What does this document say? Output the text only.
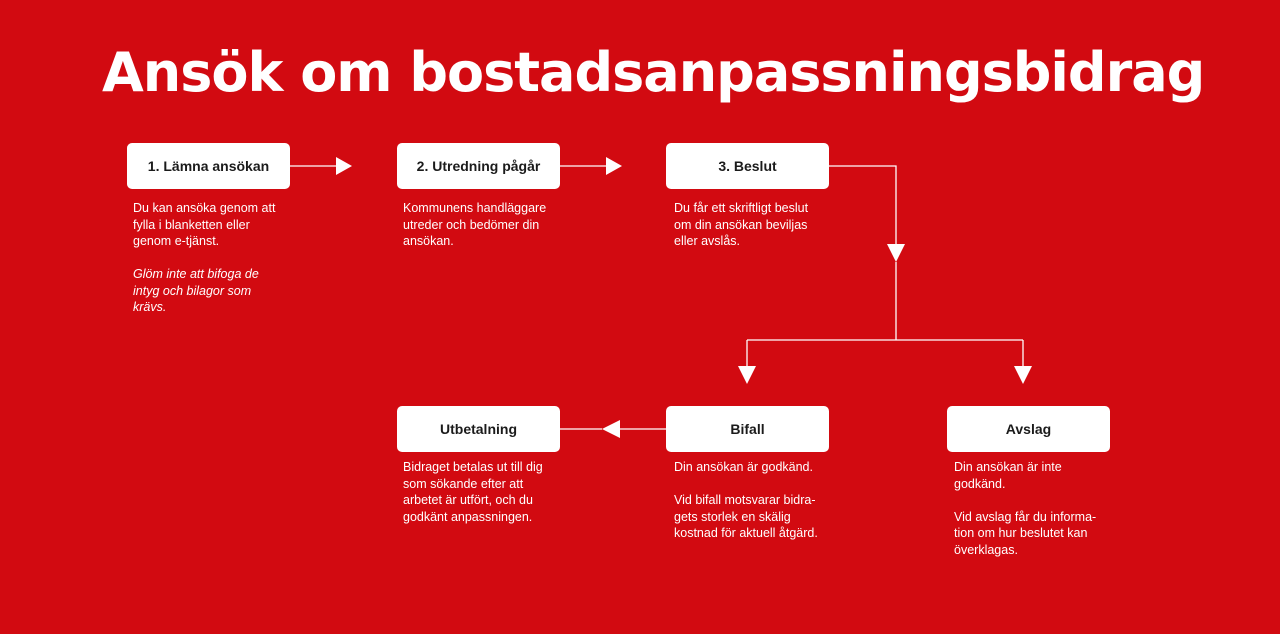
Ansök om bostadsanpassningsbidrag
1. Lämna ansökan

Du kan ansöka genom att fylla i blanketten eller genom e-tjänst.

Glöm inte att bifoga de intyg och bilagor som krävs.

2. Utredning pågår

Kommunens handläggare utreder och bedömer din ansökan.

3. Beslut

Du får ett skriftligt beslut om din ansökan beviljas eller avslås.

Utbetalning

Bidraget betalas ut till dig som sökande efter att arbetet är utfört, och du godkänt anpassningen.

Bifall

Din ansökan är godkänd.

Vid bifall motsvarar bidragets storlek en skälig kostnad för aktuell åtgärd.

Avslag

Din ansökan är inte godkänd.

Vid avslag får du information om hur beslutet kan överklagas.
